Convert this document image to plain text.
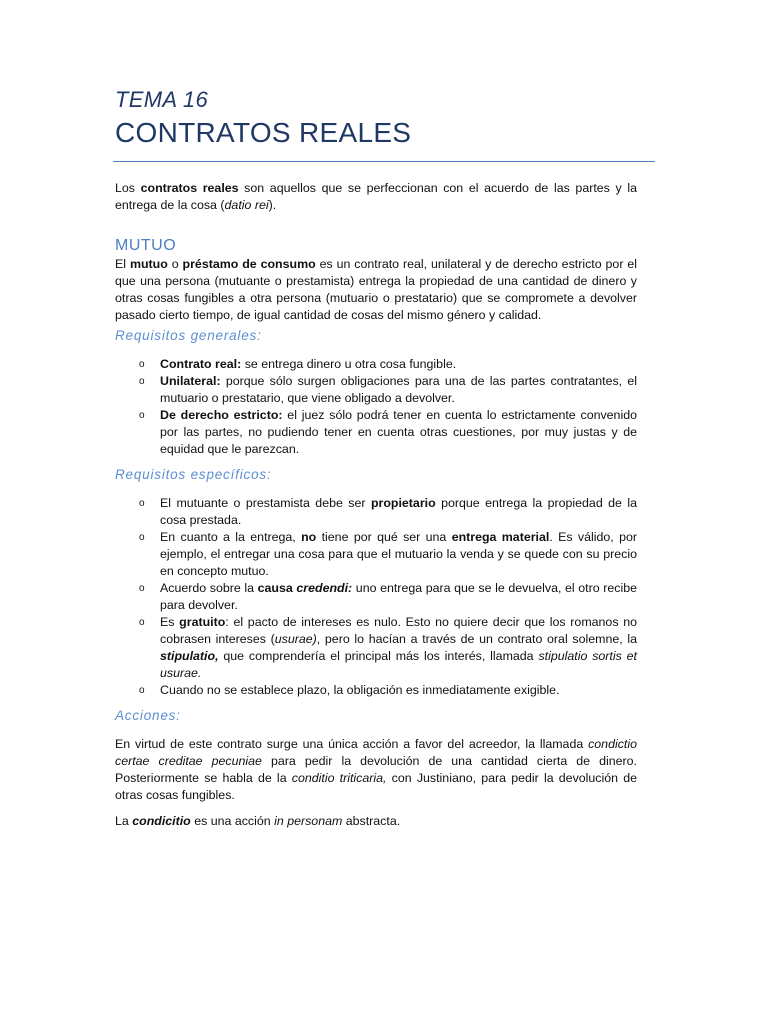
TEMA 16
CONTRATOS REALES

Los contratos reales son aquellos que se perfeccionan con el acuerdo de las partes y la entrega de la cosa (datio rei).

MUTUO

El mutuo o préstamo de consumo es un contrato real, unilateral y de derecho estricto por el que una persona (mutuante o prestamista) entrega la propiedad de una cantidad de dinero y otras cosas fungibles a otra persona (mutuario o prestatario) que se compromete a devolver pasado cierto tiempo, de igual cantidad de cosas del mismo género y calidad.

Requisitos generales:
o Contrato real: se entrega dinero u otra cosa fungible.
o Unilateral: porque sólo surgen obligaciones para una de las partes contratantes, el mutuario o prestatario, que viene obligado a devolver.
o De derecho estricto: el juez sólo podrá tener en cuenta lo estrictamente convenido por las partes, no pudiendo tener en cuenta otras cuestiones, por muy justas y de equidad que le parezcan.
Requisitos específicos:
o El mutuante o prestamista debe ser propietario porque entrega la propiedad de la cosa prestada.
o En cuanto a la entrega, no tiene por qué ser una entrega material. Es válido, por ejemplo, el entregar una cosa para que el mutuario la venda y se quede con su precio en concepto mutuo.
o Acuerdo sobre la causa credendi: uno entrega para que se le devuelva, el otro recibe para devolver.
o Es gratuito: el pacto de intereses es nulo. Esto no quiere decir que los romanos no cobrasen intereses (usurae), pero lo hacían a través de un contrato oral solemne, la stipulatio, que comprendería el principal más los interés, llamada stipulatio sortis et usurae.
o Cuando no se establece plazo, la obligación es inmediatamente exigible.
Acciones:

En virtud de este contrato surge una única acción a favor del acreedor, la llamada condictio certae creditae pecuniae para pedir la devolución de una cantidad cierta de dinero. Posteriormente se habla de la conditio triticaria, con Justiniano, para pedir la devolución de otras cosas fungibles.

La condicitio es una acción in personam abstracta.
